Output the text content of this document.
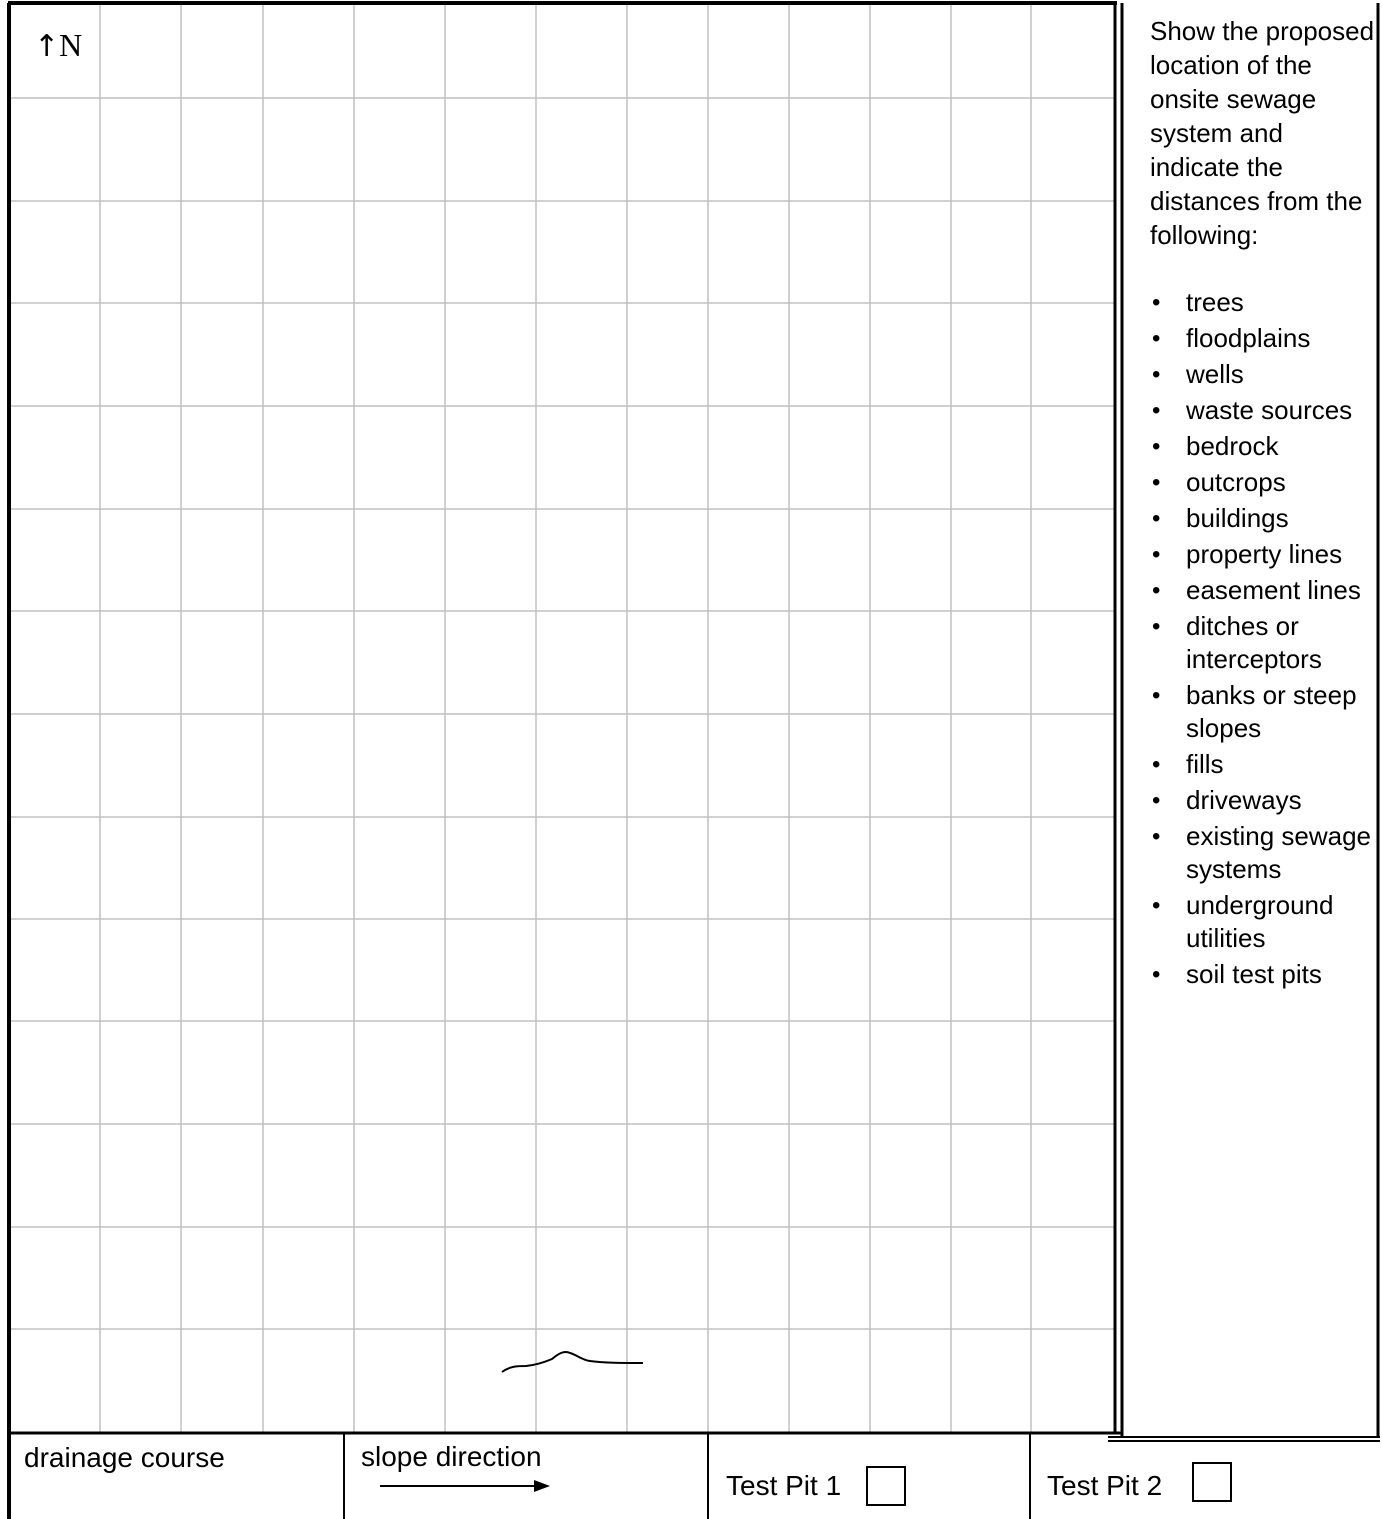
↑N	Show the proposed location of the onsite sewage system and indicate the distances from the following:

• trees
• floodplains
• wells
• waste sources
• bedrock
• outcrops
• buildings
• property lines
• easement lines
• ditches or interceptors
• banks or steep slopes
• fills
• driveways
• existing sewage systems
• underground utilities
• soil test pits
drainage course	slope direction
Test Pit 1	Test Pit 2
